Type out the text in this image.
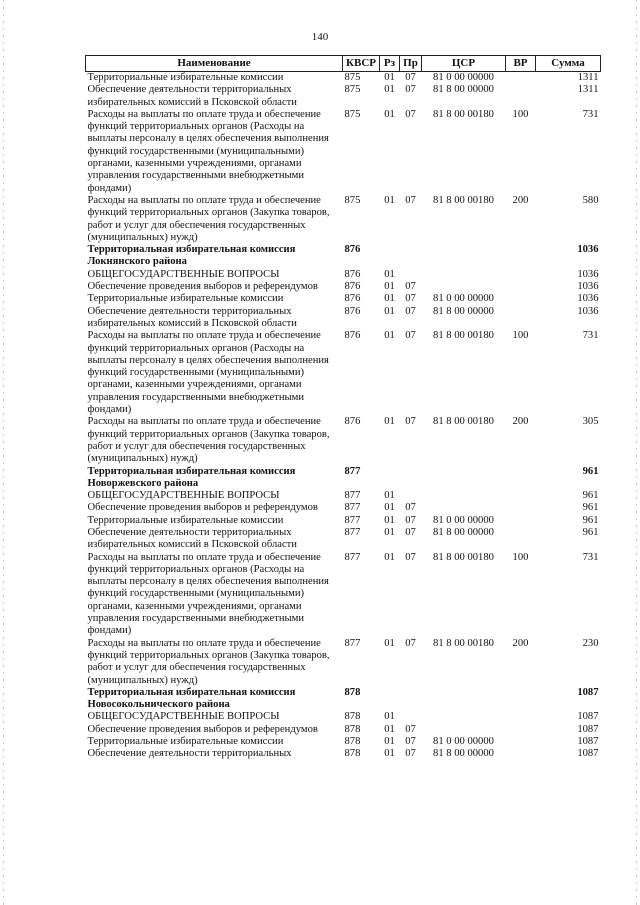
140
Наименование	КВСР	Рз	Пр	ЦСР	ВР	Сумма
Территориальные избирательные комиссии	875	01	07	81 0 00 00000		1311
Обеспечение деятельности территориальных избирательных комиссий в Псковской области	875	01	07	81 8 00 00000		1311
Расходы на выплаты по оплате труда и обеспечение функций территориальных органов (Расходы на выплаты персоналу в целях обеспечения выполнения функций государственными (муниципальными) органами, казенными учреждениями, органами управления государственными внебюджетными фондами)	875	01	07	81 8 00 00180	100	731
Расходы на выплаты по оплате труда и обеспечение функций территориальных органов (Закупка товаров, работ и услуг для обеспечения государственных (муниципальных) нужд)	875	01	07	81 8 00 00180	200	580
Территориальная избирательная комиссия Локнянского района	876					1036
ОБЩЕГОСУДАРСТВЕННЫЕ ВОПРОСЫ	876	01				1036
Обеспечение проведения выборов и референдумов	876	01	07			1036
Территориальные избирательные комиссии	876	01	07	81 0 00 00000		1036
Обеспечение деятельности территориальных избирательных комиссий в Псковской области	876	01	07	81 8 00 00000		1036
Расходы на выплаты по оплате труда и обеспечение функций территориальных органов (Расходы на выплаты персоналу в целях обеспечения выполнения функций государственными (муниципальными) органами, казенными учреждениями, органами управления государственными внебюджетными фондами)	876	01	07	81 8 00 00180	100	731
Расходы на выплаты по оплате труда и обеспечение функций территориальных органов (Закупка товаров, работ и услуг для обеспечения государственных (муниципальных) нужд)	876	01	07	81 8 00 00180	200	305
Территориальная избирательная комиссия Новоржевского района	877					961
ОБЩЕГОСУДАРСТВЕННЫЕ ВОПРОСЫ	877	01				961
Обеспечение проведения выборов и референдумов	877	01	07			961
Территориальные избирательные комиссии	877	01	07	81 0 00 00000		961
Обеспечение деятельности территориальных избирательных комиссий в Псковской области	877	01	07	81 8 00 00000		961
Расходы на выплаты по оплате труда и обеспечение функций территориальных органов (Расходы на выплаты персоналу в целях обеспечения выполнения функций государственными (муниципальными) органами, казенными учреждениями, органами управления государственными внебюджетными фондами)	877	01	07	81 8 00 00180	100	731
Расходы на выплаты по оплате труда и обеспечение функций территориальных органов (Закупка товаров, работ и услуг для обеспечения государственных (муниципальных) нужд)	877	01	07	81 8 00 00180	200	230
Территориальная избирательная комиссия Новосокольнического района	878					1087
ОБЩЕГОСУДАРСТВЕННЫЕ ВОПРОСЫ	878	01				1087
Обеспечение проведения выборов и референдумов	878	01	07			1087
Территориальные избирательные комиссии	878	01	07	81 0 00 00000		1087
Обеспечение деятельности территориальных	878	01	07	81 8 00 00000		1087
